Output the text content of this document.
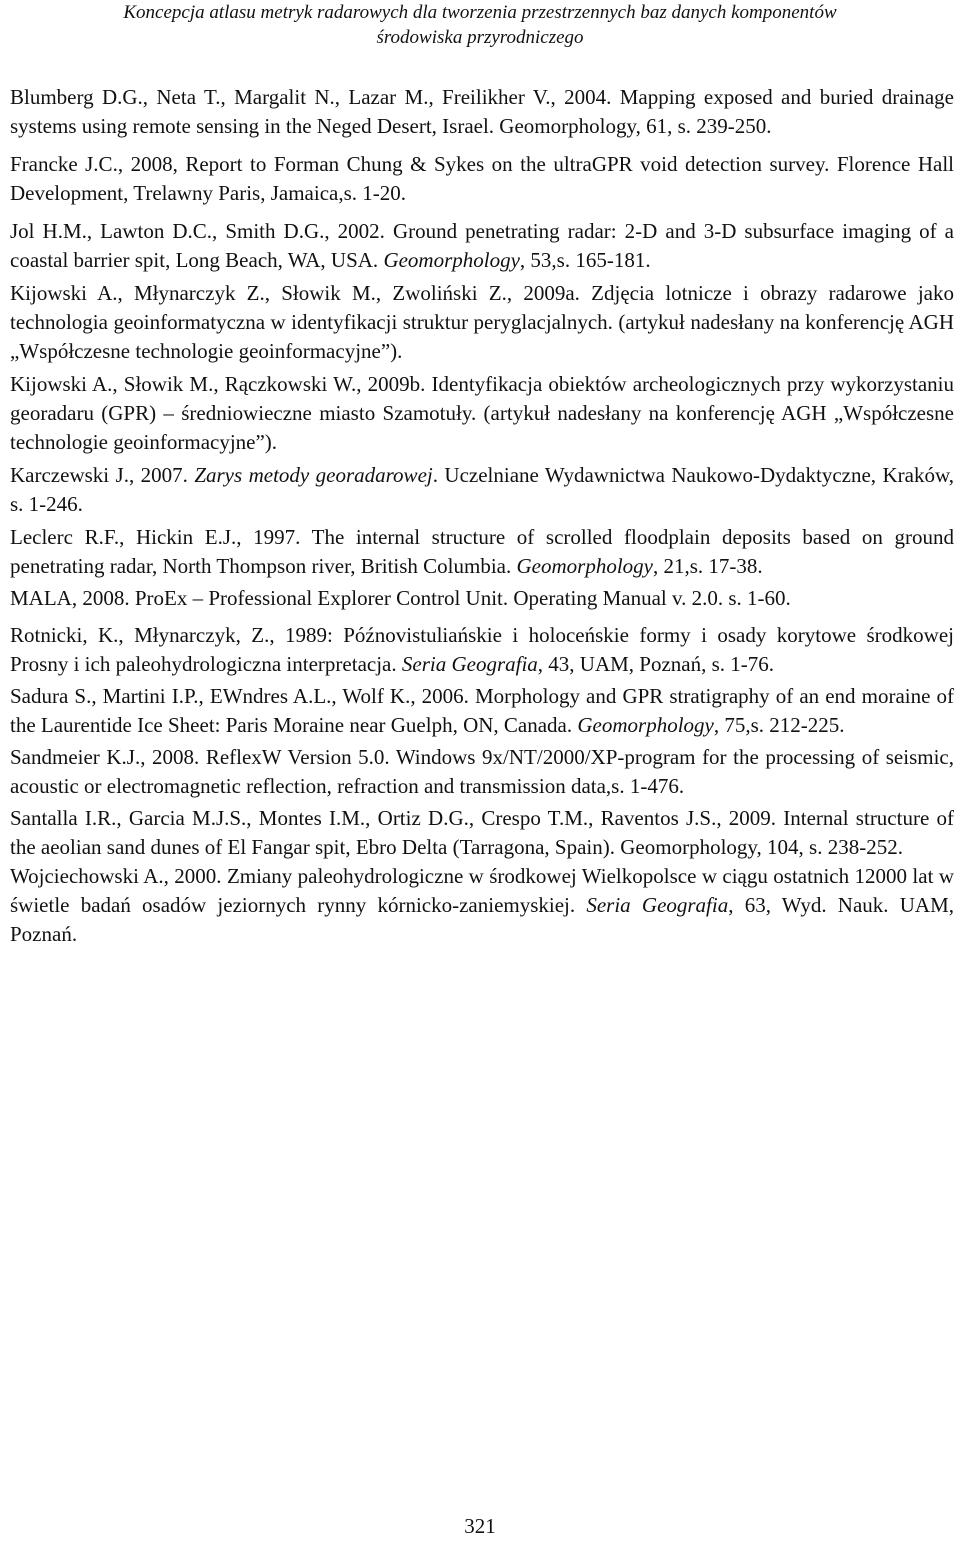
Koncepcja atlasu metryk radarowych dla tworzenia przestrzennych baz danych komponentów
środowiska przyrodniczego

Blumberg D.G., Neta T., Margalit N., Lazar M., Freilikher V., 2004. Mapping exposed and buried drainage systems using remote sensing in the Neged Desert, Israel. Geomorphology, 61, s. 239-250.

Francke J.C., 2008, Report to Forman Chung & Sykes on the ultraGPR void detection survey. Florence Hall Development, Trelawny Paris, Jamaica,s. 1-20.

Jol H.M., Lawton D.C., Smith D.G., 2002. Ground penetrating radar: 2-D and 3-D subsurface imaging of a coastal barrier spit, Long Beach, WA, USA. Geomorphology, 53,s. 165-181.

Kijowski A., Młynarczyk Z., Słowik M., Zwoliński Z., 2009a. Zdjęcia lotnicze i obrazy radarowe jako technologia geoinformatyczna w identyfikacji struktur peryglacjalnych. (artykuł nadesłany na konferencję AGH „Współczesne technologie geoinformacyjne”).

Kijowski A., Słowik M., Rączkowski W., 2009b. Identyfikacja obiektów archeologicznych przy wykorzystaniu georadaru (GPR) – średniowieczne miasto Szamotuły. (artykuł nadesłany na konferencję AGH „Współczesne technologie geoinformacyjne”).

Karczewski J., 2007. Zarys metody georadarowej. Uczelniane Wydawnictwa Naukowo-Dydaktyczne, Kraków, s. 1-246.

Leclerc R.F., Hickin E.J., 1997. The internal structure of scrolled floodplain deposits based on ground penetrating radar, North Thompson river, British Columbia. Geomorphology, 21,s. 17-38.

MALA, 2008. ProEx – Professional Explorer Control Unit. Operating Manual v. 2.0. s. 1-60.

Rotnicki, K., Młynarczyk, Z., 1989: Późnovistuliańskie i holoceńskie formy i osady korytowe środkowej Prosny i ich paleohydrologiczna interpretacja. Seria Geografia, 43, UAM, Poznań, s. 1-76.

Sadura S., Martini I.P., EWndres A.L., Wolf K., 2006. Morphology and GPR stratigraphy of an end moraine of the Laurentide Ice Sheet: Paris Moraine near Guelph, ON, Canada. Geomorphology, 75,s. 212-225.

Sandmeier K.J., 2008. ReflexW Version 5.0. Windows 9x/NT/2000/XP-program for the processing of seismic, acoustic or electromagnetic reflection, refraction and transmission data,s. 1-476.

Santalla I.R., Garcia M.J.S., Montes I.M., Ortiz D.G., Crespo T.M., Raventos J.S., 2009. Internal structure of the aeolian sand dunes of El Fangar spit, Ebro Delta (Tarragona, Spain). Geomorphology, 104, s. 238-252.

Wojciechowski A., 2000. Zmiany paleohydrologiczne w środkowej Wielkopolsce w ciągu ostatnich 12000 lat w świetle badań osadów jeziornych rynny kórnicko-zaniemyskiej. Seria Geografia, 63, Wyd. Nauk. UAM, Poznań.

321
